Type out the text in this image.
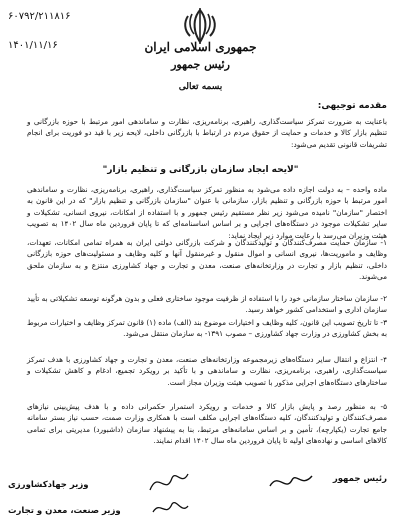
۶۰۷۹۲/۲۱۱۸۱۶
۱۴۰۱/۱۱/۱۶	جمهوری اسلامی ایران
رئیس جمهور
بسمه تعالی
مقدمه توجیهی:
باعنایت به ضرورت تمرکز سیاست‌گذاری، راهبری، برنامه‌ریزی، نظارت و ساماندهی امور مرتبط با حوزه بازرگانی و تنظیم بازار کالا و خدمات و حمایت از حقوق مردم در ارتباط با بازرگانی داخلی، لایحه زیر با قید دو فوریت برای انجام تشریفات قانونی تقدیم می‌شود:
"لایحه ایجاد سازمان بازرگانی و تنظیم بازار"
ماده واحده – به دولت اجازه داده می‌شود به منظور تمرکز سیاست‌گذاری، راهبری، برنامه‌ریزی، نظارت و ساماندهی امور مرتبط با حوزه بازرگانی و تنظیم بازار، سازمانی با عنوان "سازمان بازرگانی و تنظیم بازار" که در این قانون به اختصار "سازمان" نامیده می‌شود زیر نظر مستقیم رئیس جمهور و با استفاده از امکانات، نیروی انسانی، تشکیلات و سایر تشکیلات موجود در دستگاه‌های اجرایی و بر اساس اساسنامه‌ای که تا پایان فروردین ماه سال ۱۴۰۲ به تصویب هیئت وزیران می‌رسد با رعایت موارد زیر ایجاد نماید:
۱- سازمان حمایت مصرف‌کنندگان و تولیدکنندگان و شرکت بازرگانی دولتی ایران به همراه تمامی امکانات، تعهدات، وظایف و ماموریت‌ها، نیروی انسانی و اموال منقول و غیرمنقول آنها و کلیه وظایف و مسئولیت‌های حوزه بازرگانی داخلی، تنظیم بازار و تجارت در وزارتخانه‌های صنعت، معدن و تجارت و جهاد کشاورزی منتزع و به سازمان ملحق می‌شوند.
۲- سازمان ساختار سازمانی خود را با استفاده از ظرفیت موجود ساختاری فعلی و بدون هرگونه توسعه تشکیلاتی به تأیید سازمان اداری و استخدامی کشور خواهد رسید.
۳- تا تاریخ تصویب این قانون، کلیه وظایف و اختیارات موضوع بند (الف) ماده (۱) قانون تمرکز وظایف و اختیارات مربوط به بخش کشاورزی در وزارت جهاد کشاورزی – مصوب ۱۳۹۱- به سازمان منتقل می‌شود.
۴- انتزاع و انتقال سایر دستگاه‌های زیرمجموعه وزارتخانه‌های صنعت، معدن و تجارت و جهاد کشاورزی با هدف تمرکز سیاست‌گذاری، راهبری، برنامه‌ریزی، نظارت و ساماندهی و با تأکید بر رویکرد تجمیع، ادغام و کاهش تشکیلات و ساختارهای دستگاه‌های اجرایی مذکور با تصویب هیئت وزیران مجاز است.
۵- به منظور رصد و پایش بازار کالا و خدمات و رویکرد استمرار حکمرانی داده و با هدف پیش‌بینی نیازهای مصرف‌کنندگان و تولیدکنندگان، کلیه دستگاه‌های اجرایی مکلف است با همکاری وزارت صمت، حسب نیاز بستر سامانه جامع تجارت (یکپارچه)، تأمین و بر اساس سامانه‌های مرتبط، بنا به پیشنهاد سازمان (داشبورد) مدیریتی برای تمامی کالاهای اساسی و نهاده‌های اولیه تا پایان فروردین ماه سال ۱۴۰۲ اقدام نمایند.
رئیس جمهور
وزیر جهادکشاورزی
وزیر صنعت، معدن و تجارت
